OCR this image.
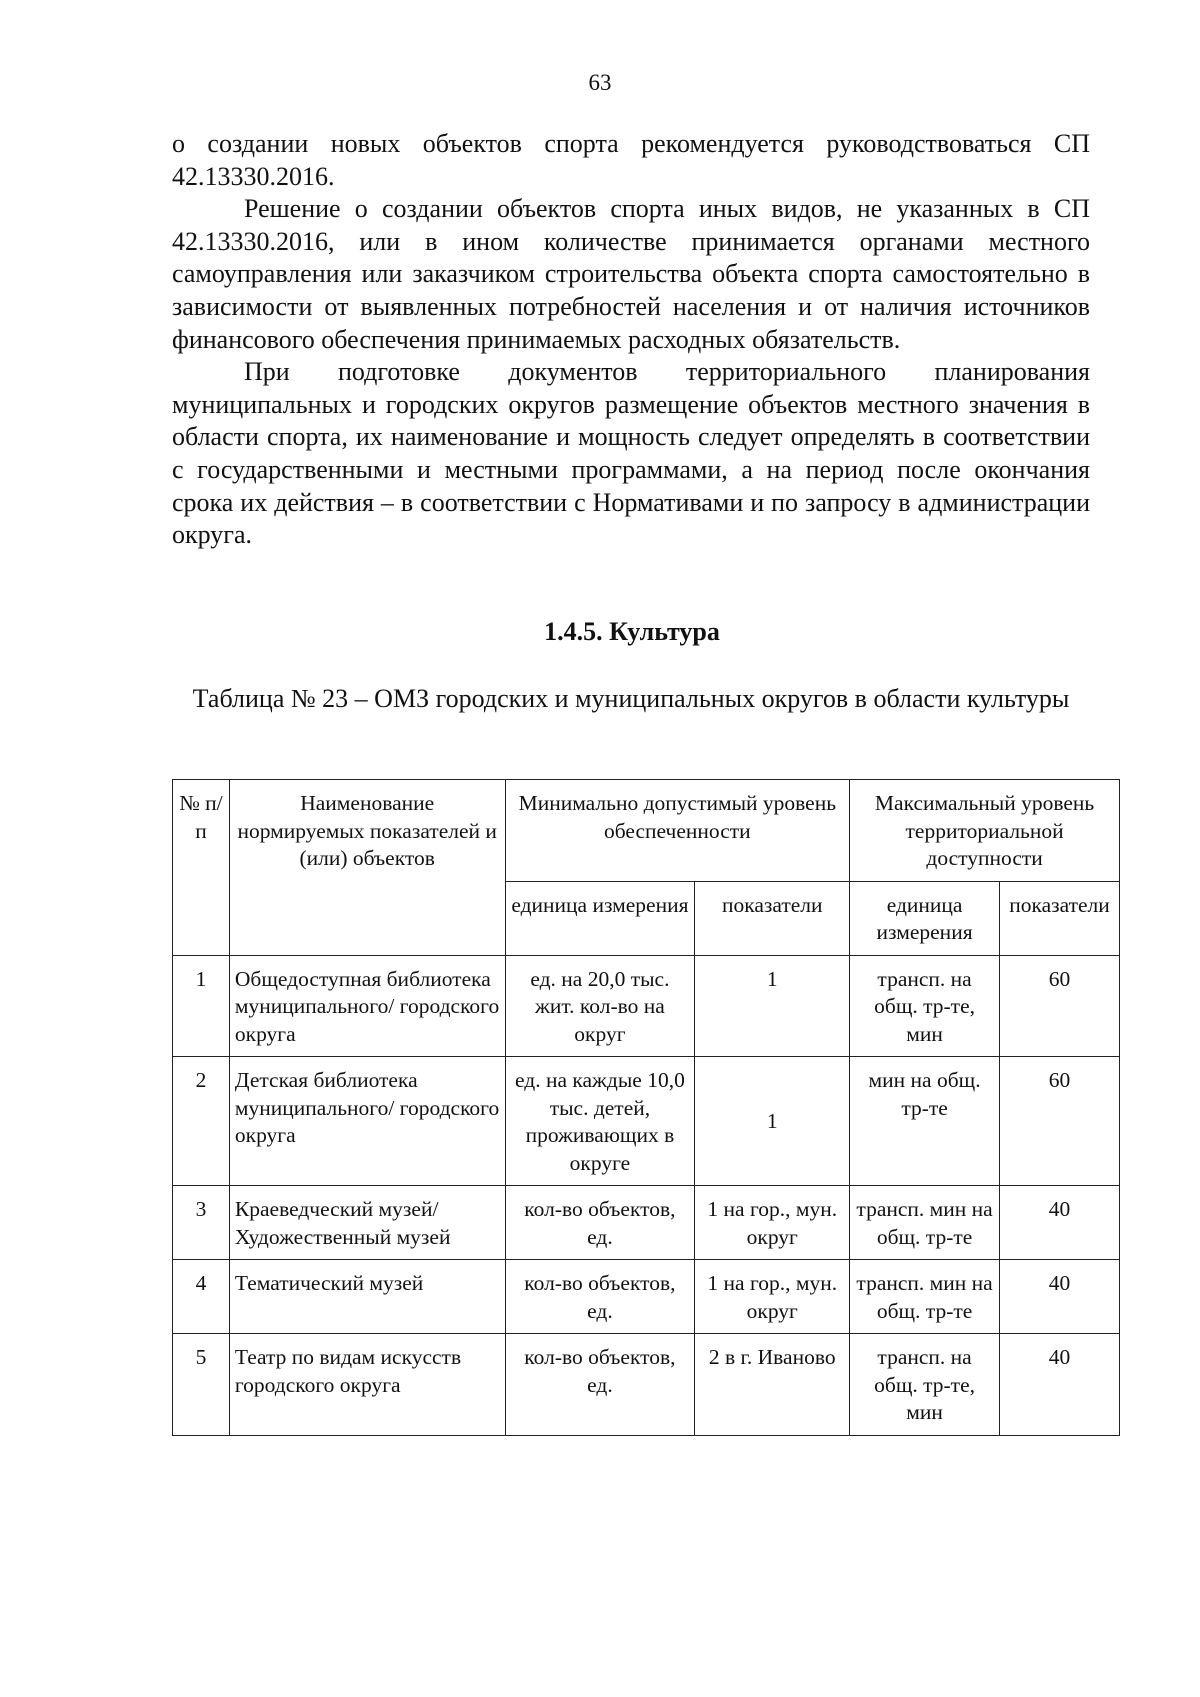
63

о создании новых объектов спорта рекомендуется руководствоваться СП 42.13330.2016.

Решение о создании объектов спорта иных видов, не указанных в СП 42.13330.2016, или в ином количестве принимается органами местного самоуправления или заказчиком строительства объекта спорта самостоятельно в зависимости от выявленных потребностей населения и от наличия источников финансового обеспечения принимаемых расходных обязательств.

При подготовке документов территориального планирования муниципальных и городских округов размещение объектов местного значения в области спорта, их наименование и мощность следует определять в соответствии с государственными и местными программами, а на период после окончания срока их действия – в соответствии с Нормативами и по запросу в администрации округа.

1.4.5. Культура
Таблица № 23 – ОМЗ городских и муниципальных округов в области культуры
№ п/п	Наименование нормируемых показателей и (или) объектов	Минимально допустимый уровень обеспеченности		Максимальный уровень территориальной доступности	
		единица измерения	показатели	единица измерения	показатели
1	Общедоступная библиотека муниципального/ городского округа	ед. на 20,0 тыс. жит. кол-во на округ	1	трансп. на общ. тр-те, мин	60
2	Детская библиотека муниципального/ городского округа	ед. на каждые 10,0 тыс. детей, проживающих в округе	1	мин на общ. тр-те	60
3	Краеведческий музей/ Художественный музей	кол-во объектов, ед.	1 на гор., мун. округ	трансп. мин на общ. тр-те	40
4	Тематический музей	кол-во объектов, ед.	1 на гор., мун. округ	трансп. мин на общ. тр-те	40
5	Театр по видам искусств городского округа	кол-во объектов, ед.	2 в г. Иваново	трансп. на общ. тр-те, мин	40
